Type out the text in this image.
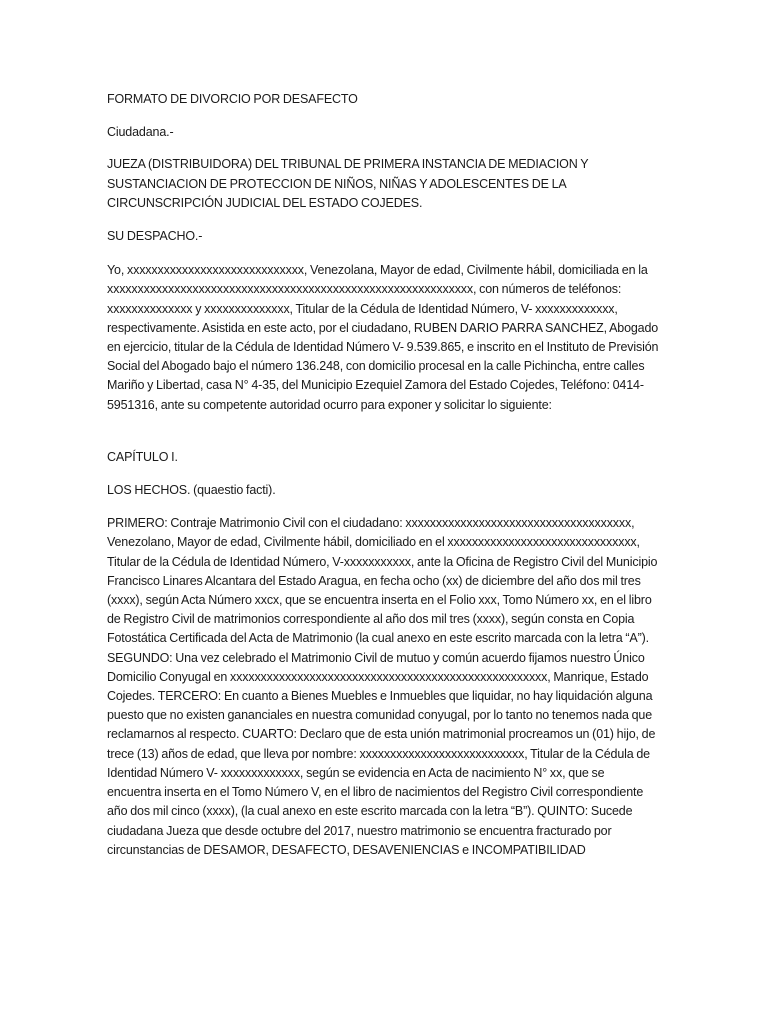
FORMATO DE DIVORCIO POR DESAFECTO

Ciudadana.-

JUEZA (DISTRIBUIDORA) DEL TRIBUNAL DE PRIMERA INSTANCIA DE MEDIACION Y SUSTANCIACION DE PROTECCION DE NIÑOS, NIÑAS Y ADOLESCENTES DE LA CIRCUNSCRIPCIÓN JUDICIAL DEL ESTADO COJEDES.

SU DESPACHO.-

Yo, xxxxxxxxxxxxxxxxxxxxxxxxxxxxx, Venezolana, Mayor de edad, Civilmente hábil, domiciliada en la xxxxxxxxxxxxxxxxxxxxxxxxxxxxxxxxxxxxxxxxxxxxxxxxxxxxxxxxxxxx, con números de teléfonos: xxxxxxxxxxxxxx y xxxxxxxxxxxxxx, Titular de la Cédula de Identidad Número, V- xxxxxxxxxxxxx, respectivamente. Asistida en este acto, por el ciudadano, RUBEN DARIO PARRA SANCHEZ, Abogado en ejercicio, titular de la Cédula de Identidad Número V- 9.539.865, e inscrito en el Instituto de Previsión Social del Abogado bajo el número 136.248, con domicilio procesal en la calle Pichincha, entre calles Mariño y Libertad, casa N° 4-35, del Municipio Ezequiel Zamora del Estado Cojedes, Teléfono: 0414-5951316, ante su competente autoridad ocurro para exponer y solicitar lo siguiente:

CAPÍTULO I.

LOS HECHOS. (quaestio facti).

PRIMERO: Contraje Matrimonio Civil con el ciudadano: xxxxxxxxxxxxxxxxxxxxxxxxxxxxxxxxxxxxx, Venezolano, Mayor de edad, Civilmente hábil, domiciliado en el xxxxxxxxxxxxxxxxxxxxxxxxxxxxxxx, Titular de la Cédula de Identidad Número, V-xxxxxxxxxxx, ante la Oficina de Registro Civil del Municipio Francisco Linares Alcantara del Estado Aragua, en fecha ocho (xx) de diciembre del año dos mil tres (xxxx), según Acta Número xxcx, que se encuentra inserta en el Folio xxx, Tomo Número xx, en el libro de Registro Civil de matrimonios correspondiente al año dos mil tres (xxxx), según consta en Copia Fotostática Certificada del Acta de Matrimonio (la cual anexo en este escrito marcada con la letra “A”). SEGUNDO: Una vez celebrado el Matrimonio Civil de mutuo y común acuerdo fijamos nuestro Único Domicilio Conyugal en xxxxxxxxxxxxxxxxxxxxxxxxxxxxxxxxxxxxxxxxxxxxxxxxxxxx, Manrique, Estado Cojedes. TERCERO: En cuanto a Bienes Muebles e Inmuebles que liquidar, no hay liquidación alguna puesto que no existen gananciales en nuestra comunidad conyugal, por lo tanto no tenemos nada que reclamarnos al respecto. CUARTO: Declaro que de esta unión matrimonial procreamos un (01) hijo, de trece (13) años de edad, que lleva por nombre: xxxxxxxxxxxxxxxxxxxxxxxxxxx, Titular de la Cédula de Identidad Número V- xxxxxxxxxxxxx, según se evidencia en Acta de nacimiento N° xx, que se encuentra inserta en el Tomo Número V, en el libro de nacimientos del Registro Civil correspondiente año dos mil cinco (xxxx), (la cual anexo en este escrito marcada con la letra “B”). QUINTO: Sucede ciudadana Jueza que desde octubre del 2017, nuestro matrimonio se encuentra fracturado por circunstancias de DESAMOR, DESAFECTO, DESAVENIENCIAS e INCOMPATIBILIDAD
